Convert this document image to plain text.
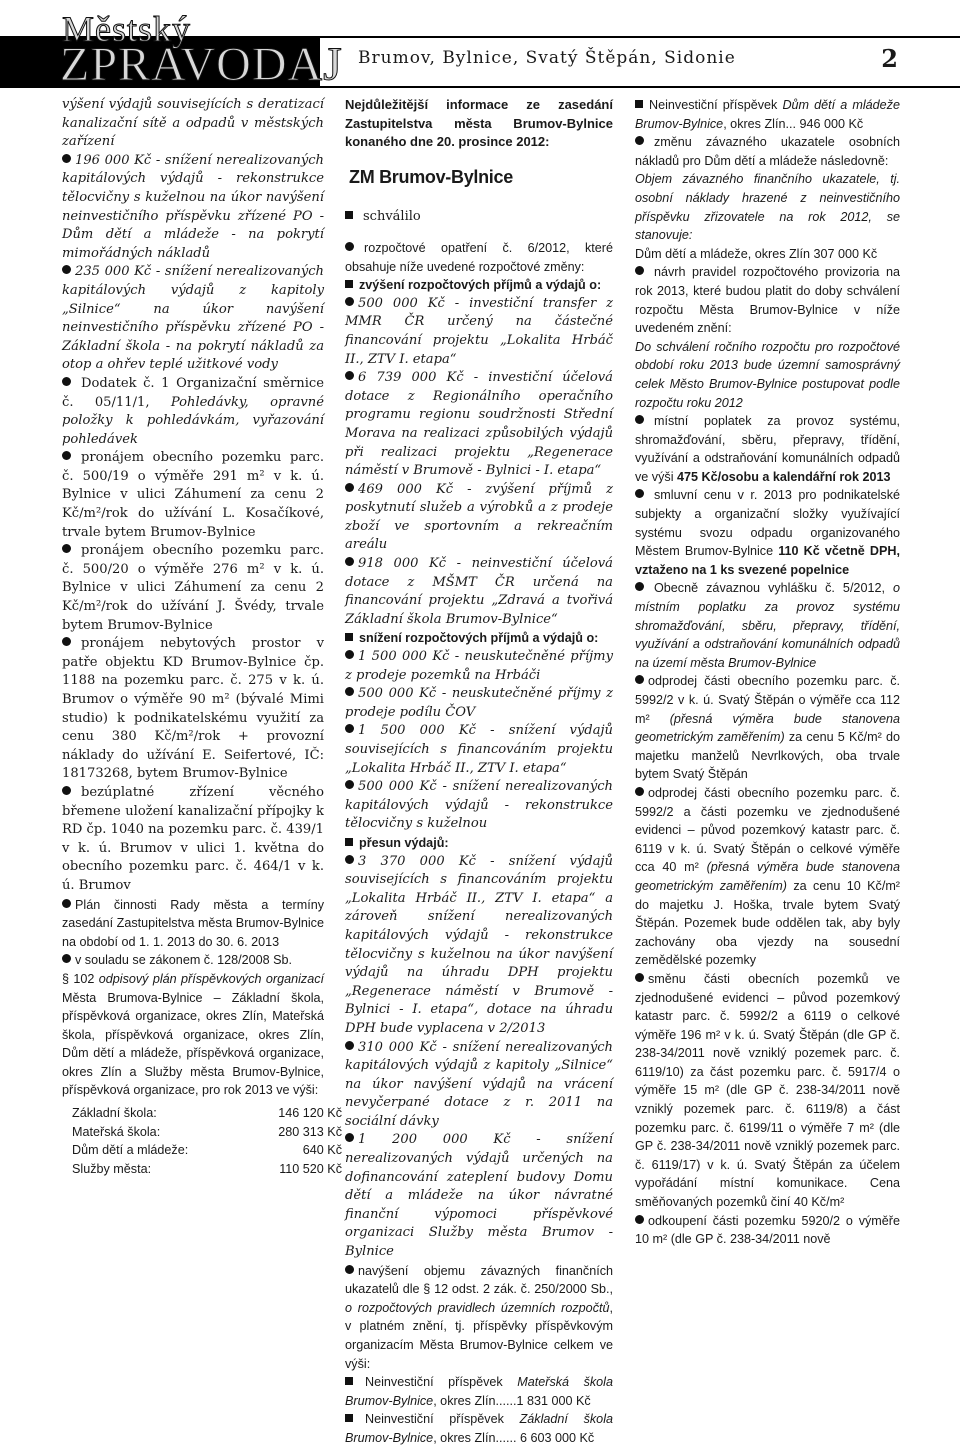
Městský
ZPRAVODAJ Brumov, Bylnice, Svatý Štěpán, Sidonie	2

výšení výdajů souvisejících s deratizací kanalizační sítě a odpadů v městských zařízení

196 000 Kč - snížení nerealizovaných kapitálových výdajů - rekonstrukce tělocvičny s kuželnou na úkor navýšení neinvestičního příspěvku zřízené PO - Dům dětí a mládeže - na pokrytí mimořádných nákladů

235 000 Kč - snížení nerealizovaných kapitálových výdajů z kapitoly „Silnice“ na úkor navýšení neinvestičního příspěvku zřízené PO - Základní škola - na pokrytí nákladů za otop a ohřev teplé užitkové vody

Dodatek č. 1 Organizační směrnice č. 05/11/1, Pohledávky, opravné položky k pohledávkám, vyřazování pohledávek

pronájem obecního pozemku parc. č. 500/19 o výměře 291 m² v k. ú. Bylnice v ulici Záhumení za cenu 2 Kč/m²/rok do užívání L. Kosačíkové, trvale bytem Brumov-Bylnice

pronájem obecního pozemku parc. č. 500/20 o výměře 276 m² v k. ú. Bylnice v ulici Záhumení za cenu 2 Kč/m²/rok do užívání J. Švédy, trvale bytem Brumov-Bylnice

pronájem nebytových prostor v patře objektu KD Brumov-Bylnice čp. 1188 na pozemku parc. č. 275 v k. ú. Brumov o výměře 90 m² (bývalé Mimi studio) k podnikatelskému využití za cenu 380 Kč/m²/rok + provozní náklady do užívání E. Seifertové, IČ: 18173268, bytem Brumov-Bylnice

bezúplatné zřízení věcného břemene uložení kanalizační přípojky k RD čp. 1040 na pozemku parc. č. 439/1 v k. ú. Brumov v ulici 1. května do obecního pozemku parc. č. 464/1 v k. ú. Brumov

Plán činnosti Rady města a termíny zasedání Zastupitelstva města Brumov-Bylnice na období od 1. 1. 2013 do 30. 6. 2013

v souladu se zákonem č. 128/2008 Sb.

§ 102 odpisový plán příspěvkových organizací Města Brumova-Bylnice – Základní škola, příspěvková organizace, okres Zlín, Mateřská škola, příspěvková organizace, okres Zlín, Dům dětí a mládeže, příspěvková organizace, okres Zlín a Služby města Brumov-Bylnice, příspěvková organizace, pro rok 2013 ve výši:

Základní škola:	146 120 Kč
Mateřská škola:	280 313 Kč
Dům dětí a mládeže:	640 Kč
Služby města:	110 520 Kč

Nejdůležitější informace ze zasedání Zastupitelstva města Brumov-Bylnice konaného dne 20. prosince 2012:

ZM Brumov-Bylnice
schválilo

rozpočtové opatření č. 6/2012, které obsahuje níže uvedené rozpočtové změny:

zvýšení rozpočtových příjmů a výdajů o:

500 000 Kč - investiční transfer z MMR ČR určený na částečné financování projektu „Lokalita Hrbáč II., ZTV I. etapa“

6 739 000 Kč - investiční účelová dotace z Regionálního operačního programu regionu soudržnosti Střední Morava na realizaci způsobilých výdajů při realizaci projektu „Regenerace náměstí v Brumově - Bylnici - I. etapa“

469 000 Kč - zvýšení příjmů z poskytnutí služeb a výrobků a z prodeje zboží ve sportovním a rekreačním areálu

918 000 Kč - neinvestiční účelová dotace z MŠMT ČR určená na financování projektu „Zdravá a tvořivá Základní škola Brumov-Bylnice“

snížení rozpočtových příjmů a výdajů o:

1 500 000 Kč - neuskutečněné příjmy z prodeje pozemků na Hrbáči

500 000 Kč - neuskutečněné příjmy z prodeje podílu ČOV

1 500 000 Kč - snížení výdajů souvisejících s financováním projektu „Lokalita Hrbáč II., ZTV I. etapa“

500 000 Kč - snížení nerealizovaných kapitálových výdajů - rekonstrukce tělocvičny s kuželnou

přesun výdajů:

3 370 000 Kč - snížení výdajů souvisejících s financováním projektu „Lokalita Hrbáč II., ZTV I. etapa“ a zároveň snížení nerealizovaných kapitálových výdajů - rekonstrukce tělocvičny s kuželnou na úkor navýšení výdajů na úhradu DPH projektu „Regenerace náměstí v Brumově - Bylnici - I. etapa“, dotace na úhradu DPH bude vyplacena v 2/2013

310 000 Kč - snížení nerealizovaných kapitálových výdajů z kapitoly „Silnice“ na úkor navýšení výdajů na vrácení nevyčerpané dotace z r. 2011 na sociální dávky

1 200 000 Kč - snížení nerealizovaných výdajů určených na dofinancování zateplení budovy Domu dětí a mládeže na úkor návratné finanční výpomoci příspěvkové organizaci Služby města Brumov - Bylnice

navýšení objemu závazných finančních ukazatelů dle § 12 odst. 2 zák. č. 250/2000 Sb., o rozpočtových pravidlech územních rozpočtů, v platném znění, tj. příspěvky příspěvkovým organizacím Města Brumov-Bylnice celkem ve výši:

Neinvestiční příspěvek Mateřská škola Brumov-Bylnice, okres Zlín......1 831 000 Kč

Neinvestiční příspěvek Základní škola Brumov-Bylnice, okres Zlín...... 6 603 000 Kč

Neinvestiční příspěvek Dům dětí a mládeže Brumov-Bylnice, okres Zlín... 946 000 Kč

změnu závazného ukazatele osobních nákladů pro Dům dětí a mládeže následovně:

Objem závazného finančního ukazatele, tj. osobní náklady hrazené z neinvestičního příspěvku zřizovatele na rok 2012, se stanovuje:

Dům dětí a mládeže, okres Zlín 307 000 Kč

návrh pravidel rozpočtového provizoria na rok 2013, které budou platit do doby schválení rozpočtu Města Brumov-Bylnice v níže uvedeném znění:

Do schválení ročního rozpočtu pro rozpočtové období roku 2013 bude územní samosprávný celek Město Brumov-Bylnice postupovat podle rozpočtu roku 2012

místní poplatek za provoz systému, shromažďování, sběru, přepravy, třídění, využívání a odstraňování komunálních odpadů ve výši 475 Kč/osobu a kalendářní rok 2013

smluvní cenu v r. 2013 pro podnikatelské subjekty a organizační složky využívající systému svozu odpadu organizovaného Městem Brumov-Bylnice 110 Kč včetně DPH, vztaženo na 1 ks svezené popelnice

Obecně závaznou vyhlášku č. 5/2012, o místním poplatku za provoz systému shromažďování, sběru, přepravy, třídění, využívání a odstraňování komunálních odpadů na území města Brumov-Bylnice

odprodej části obecního pozemku parc. č. 5992/2 v k. ú. Svatý Štěpán o výměře cca 112 m² (přesná výměra bude stanovena geometrickým zaměřením) za cenu 5 Kč/m² do majetku manželů Nevrlkových, oba trvale bytem Svatý Štěpán

odprodej části obecního pozemku parc. č. 5992/2 a části pozemku ve zjednodušené evidenci – původ pozemkový katastr parc. č. 6119 v k. ú. Svatý Štěpán o celkové výměře cca 40 m² (přesná výměra bude stanovena geometrickým zaměřením) za cenu 10 Kč/m² do majetku J. Hoška, trvale bytem Svatý Štěpán. Pozemek bude oddělen tak, aby byly zachovány oba vjezdy na sousední zemědělské pozemky

směnu části obecních pozemků ve zjednodušené evidenci – původ pozemkový katastr parc. č. 5992/2 a 6119 o celkové výměře 196 m² v k. ú. Svatý Štěpán (dle GP č. 238-34/2011 nově vzniklý pozemek parc. č. 6119/10) za část pozemku parc. č. 5917/4 o výměře 15 m² (dle GP č. 238-34/2011 nově vzniklý pozemek parc. č. 6119/8) a část pozemku parc. č. 6199/11 o výměře 7 m² (dle GP č. 238-34/2011 nově vzniklý pozemek parc. č. 6119/17) v k. ú. Svatý Štěpán za účelem vypořádání místní komunikace. Cena směňovaných pozemků činí 40 Kč/m²

odkoupení části pozemku 5920/2 o výměře 10 m² (dle GP č. 238-34/2011 nově
